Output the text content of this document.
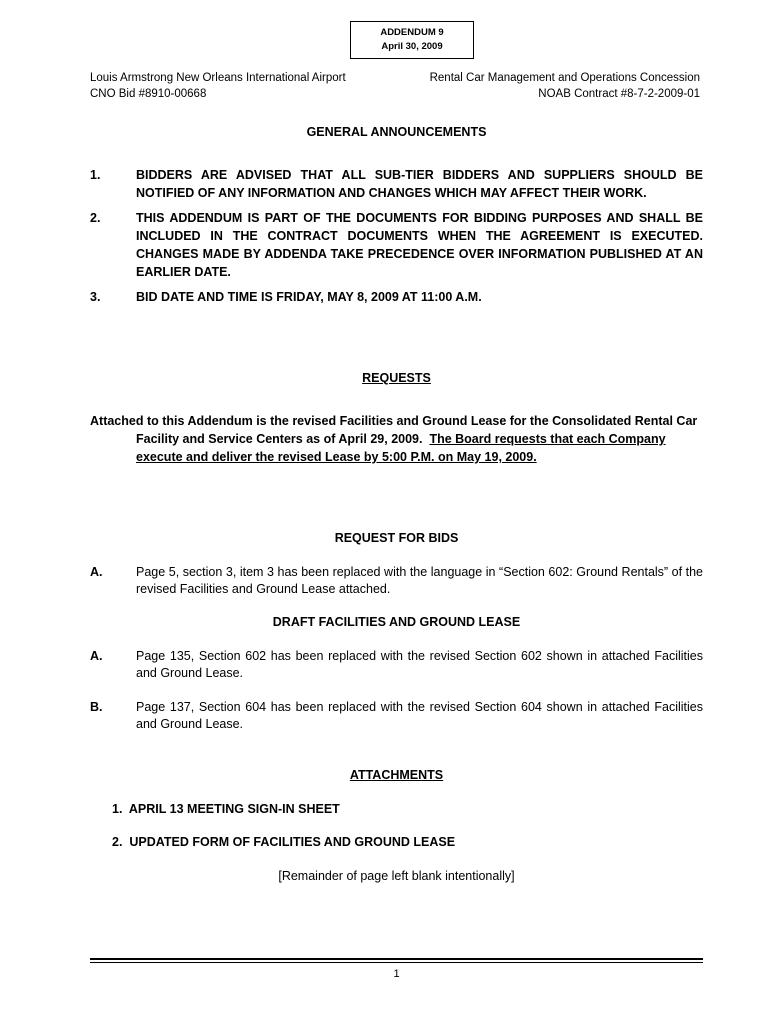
ADDENDUM 9
April 30, 2009
Louis Armstrong New Orleans International Airport
CNO Bid #8910-00668
Rental Car Management and Operations Concession
NOAB Contract #8-7-2-2009-01
GENERAL ANNOUNCEMENTS
1.	BIDDERS ARE ADVISED THAT ALL SUB-TIER BIDDERS AND SUPPLIERS SHOULD BE NOTIFIED OF ANY INFORMATION AND CHANGES WHICH MAY AFFECT THEIR WORK.
2.	THIS ADDENDUM IS PART OF THE DOCUMENTS FOR BIDDING PURPOSES AND SHALL BE INCLUDED IN THE CONTRACT DOCUMENTS WHEN THE AGREEMENT IS EXECUTED. CHANGES MADE BY ADDENDA TAKE PRECEDENCE OVER INFORMATION PUBLISHED AT AN EARLIER DATE.
3.	BID DATE AND TIME IS FRIDAY, MAY 8, 2009 AT 11:00 A.M.
REQUESTS
Attached to this Addendum is the revised Facilities and Ground Lease for the Consolidated Rental Car
Facility and Service Centers as of April 29, 2009. The Board requests that each Company
execute and deliver the revised Lease by 5:00 P.M. on May 19, 2009.
REQUEST FOR BIDS
A.	Page 5, section 3, item 3 has been replaced with the language in “Section 602: Ground Rentals” of the revised Facilities and Ground Lease attached.
DRAFT FACILITIES AND GROUND LEASE
A.	Page 135, Section 602 has been replaced with the revised Section 602 shown in attached Facilities and Ground Lease.
B.	Page 137, Section 604 has been replaced with the revised Section 604 shown in attached Facilities and Ground Lease.
ATTACHMENTS
1.  APRIL 13 MEETING SIGN-IN SHEET
2.  UPDATED FORM OF FACILITIES AND GROUND LEASE
[Remainder of page left blank intentionally]
1
